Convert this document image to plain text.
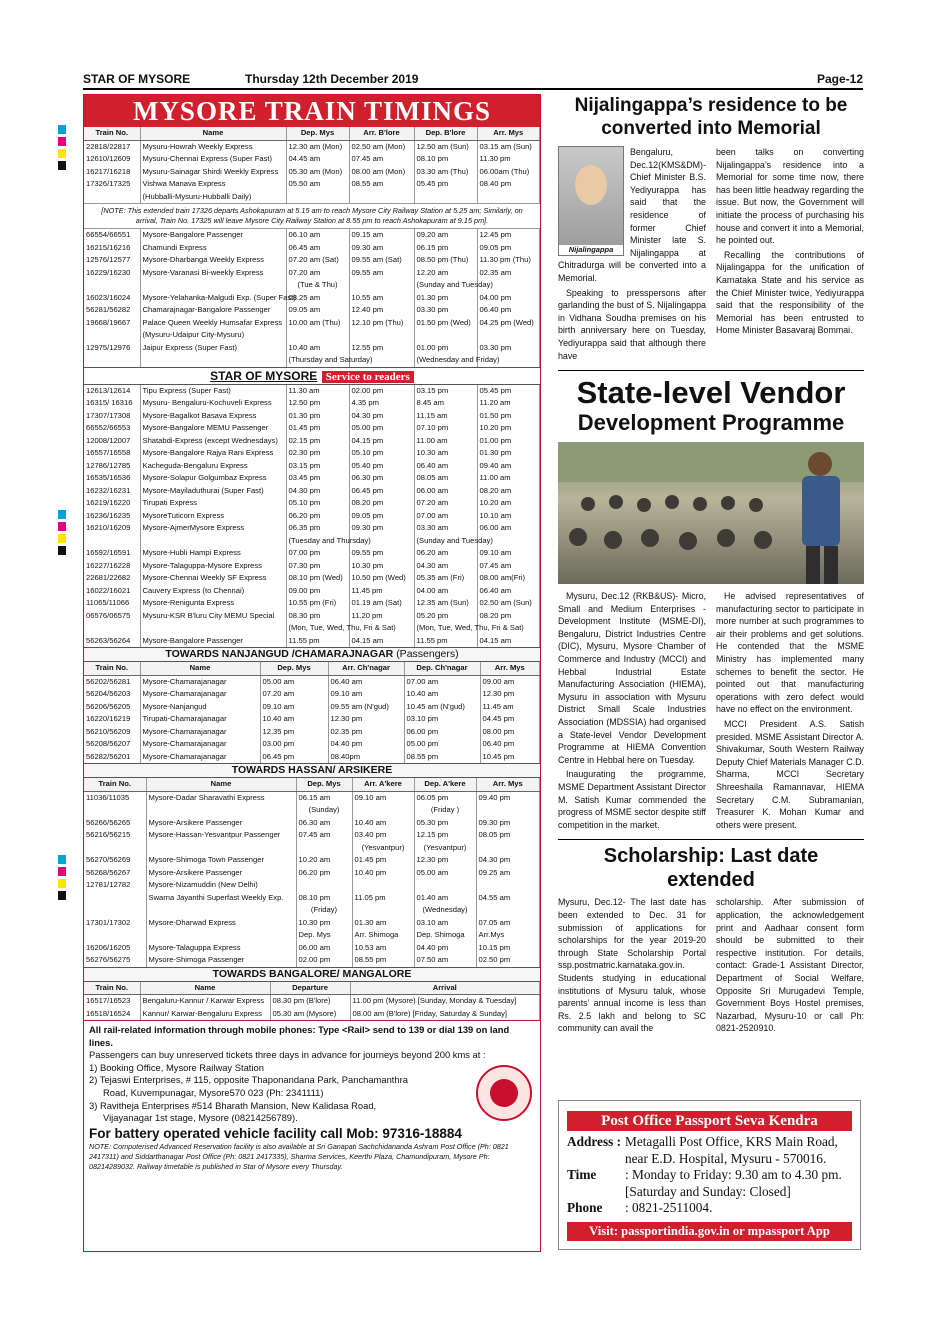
STAR OF MYSORE	Thursday 12th December 2019	Page-12
MYSORE TRAIN TIMINGS
Train No.	Name	Dep. Mys	Arr. B'lore	Dep. B'lore	Arr. Mys
22818/22817	Mysuru-Howrah Weekly Express	12.30 am (Mon)	02.50 am (Mon)	12.50 am (Sun)	03.15 am (Sun)
12610/12609	Mysuru-Chennai Express (Super Fast)	04.45 am	07.45 am	08.10 pm	11.30 pm
16217/16218	Mysuru-Sainagar Shirdi Weekly Express	05.30 am (Mon)	08.00 am (Mon)	03.30 am (Thu)	06.00am (Thu)
17326/17325	Vishwa Manava Express	05.50 am	08.55 am	05.45 pm	08.40 pm
	(Hubballi-Mysuru-Hubballi Daily)				
[NOTE: This extended train 17326 departs Ashokapuram at 5.15 am to reach Mysore City Railway Station at 5.25 am; Similarly, on arrival, Train No. 17325 will leave Mysore City Railway Station at 8.55 pm to reach Ashokapuram at 9.15 pm].
66554/66551	Mysore-Bangalore Passenger	06.10 am	09.15 am	09.20 am	12.45 pm
16215/16216	Chamundi Express	06.45 am	09.30 am	06.15 pm	09.05 pm
12576/12577	Mysore-Dharbanga Weekly Express	07.20 am (Sat)	09.55 am (Sat)	08.50 pm (Thu)	11.30 pm (Thu)
16229/16230	Mysore-Varanasi Bi-weekly Express	07.20 am	09.55 am	12.20 am	02.35 am
		(Tue & Thu)		(Sunday and Tuesday)	
16023/16024	Mysore-Yelahanka-Malgudi Exp. (Super Fast)	08.25 am	10.55 am	01.30 pm	04.00 pm
56281/56282	Chamarajnagar-Bangalore Passenger	09.05 am	12.40 pm	03.30 pm	06.40 pm
19668/19667	Palace Queen Weekly Humsafar Express	10.00 am (Thu)	12.10 pm (Thu)	01.50 pm (Wed)	04.25 pm (Wed)
	(Mysuru-Udaipur City-Mysuru)				
12975/12976	Jaipur Express (Super Fast)	10.40 am	12.55 pm	01.00 pm	03.30 pm
		(Thursday and Saturday)		(Wednesday and Friday)	
STAR OF MYSORE Service to readers
12613/12614	Tipu Express (Super Fast)	11.30 am	02.00 pm	03.15 pm	05.45 pm
16315/ 16316	Mysuru- Bengaluru-Kochuveli Express	12.50 pm	4.35 pm	8.45 am	11.20 am
17307/17308	Mysore-Bagalkot Basava Express	01.30 pm	04.30 pm	11.15 am	01.50 pm
66552/66553	Mysore-Bangalore MEMU Passenger	01.45 pm	05.00 pm	07.10 pm	10.20 pm
12008/12007	Shatabdi-Express (except Wednesdays)	02.15 pm	04.15 pm	11.00 am	01.00 pm
16557/16558	Mysore-Bangalore Rajya Rani Express	02.30 pm	05.10 pm	10.30 am	01.30 pm
12786/12785	Kacheguda-Bengaluru Express	03.15 pm	05.40 pm	06.40 am	09.40 am
16535/16536	Mysore-Solapur Golgumbaz Express	03.45 pm	06.30 pm	08.05 am	11.00 am
16232/16231	Mysore-Mayiladuthurai (Super Fast)	04.30 pm	06.45 pm	06.00 am	08.20 am
16219/16220	Tirupati Express	05.10 pm	08.20 pm	07.20 am	10.20 am
16236/16235	MysoreTuticorn Express	06.20 pm	09.05 pm	07.00 am	10.10 am
16210/16209	Mysore-AjmerMysore Express	06.35 pm	09.30 pm	03.30 am	06.00 am
		(Tuesday and Thursday)		(Sunday and Tuesday)	
16592/16591	Mysore-Hubli Hampi Express	07.00 pm	09.55 pm	06.20 am	09.10 am
16227/16228	Mysore-Talaguppa-Mysore Express	07.30 pm	10.30 pm	04.30 am	07.45 am
22681/22682	Mysore-Chennai Weekly SF Express	08.10 pm (Wed)	10.50 pm (Wed)	05.35 am (Fri)	08.00 am(Fri)
16022/16021	Cauvery Express (to Chennai)	09.00 pm	11.45 pm	04.00 am	06.40 am
11065/11066	Mysore-Renigunta Express	10.55 pm (Fri)	01.19 am (Sat)	12.35 am (Sun)	02.50 am (Sun)
06576/06575	Mysuru-KSR B'luru City MEMU Special	08.30 pm	11.20 pm	05.20 pm	08.20 pm
		(Mon, Tue, Wed, Thu, Fri & Sat)		(Mon, Tue, Wed, Thu, Fri & Sat)	
56263/56264	Mysore-Bangalore Passenger	11.55 pm	04.15 am	11.55 pm	04.15 am
TOWARDS NANJANGUD /CHAMARAJNAGAR (Passengers)
Train No.	Name	Dep. Mys	Arr. Ch'nagar	Dep. Ch'nagar	Arr. Mys
56202/56281	Mysore-Chamarajanagar	05.00 am	06.40 am	07.00 am	09.00 am
56204/56203	Mysore-Chamarajanagar	07.20 am	09.10 am	10.40 am	12.30 pm
56206/56205	Mysore-Nanjangud	09.10 am	09.55 am (N'gud)	10.45 am (N'gud)	11.45 am
16220/16219	Tirupati-Chamarajanagar	10.40 am	12.30 pm	03.10 pm	04.45 pm
56210/56209	Mysore-Chamarajanagar	12.35 pm	02.35 pm	06.00 pm	08.00 pm
56208/56207	Mysore-Chamarajanagar	03.00 pm	04.40 pm	05.00 pm	06.40 pm
56282/56201	Mysore-Chamarajanagar	06.45 pm	08.40pm	08.55 pm	10.45 pm
TOWARDS HASSAN/ ARSIKERE
Train No.	Name	Dep. Mys	Arr. A'kere	Dep. A'kere	Arr. Mys
11036/11035	Mysore-Dadar Sharavathi Express	06.15 am	09.10 am	06.05 pm	09.40 pm
		(Sunday)		(Friday )	
56266/56265	Mysore-Arsikere Passenger	06.30 am	10.40 am	05.30 pm	09.30 pm
56216/56215	Mysore-Hassan-Yesvantpur Passenger	07.45 am	03.40 pm	12.15 pm	08.05 pm
			(Yesvantpur)	(Yesvantpur)	
56270/56269	Mysore-Shimoga Town Passenger	10.20 am	01.45 pm	12.30 pm	04.30 pm
56268/56267	Mysore-Arsikere Passenger	06.20 pm	10.40 pm	05.00 am	09.25 am
12781/12782	Mysore-Nizamuddin (New Delhi)				
	Swarna Jayanthi Superfast Weekly Exp.	08.10 pm	11.05 pm	01.40 am	04.55 am
		(Friday)		(Wednesday)	
17301/17302	Mysore-Dharwad Express	10.30 pm	01.30 am	03.10 am	07.05 am
		Dep. Mys	Arr. Shimoga	Dep. Shimoga	Arr.Mys
16206/16205	Mysore-Talaguppa Express	06.00 am	10.53 am	04.40 pm	10.15 pm
56276/56275	Mysore-Shimoga Passenger	02.00 pm	08.55 pm	07.50 am	02.50 pm
TOWARDS BANGALORE/ MANGALORE
Train No.	Name	Departure	Arrival
16517/16523	Bengaluru-Kannur / Karwar Express	08.30 pm (B'lore)	11.00 pm (Mysore) [Sunday, Monday & Tuesday]
16518/16524	Kannur/ Karwar-Bengaluru Express	05.30 am (Mysore)	08.00 am (B'lore) [Friday, Saturday & Sunday]
All rail-related information through mobile phones: Type <Rail> send to 139 or dial 139 on land lines.
Passengers can buy unreserved tickets three days in advance for journeys beyond 200 kms at :
1) Booking Office, Mysore Railway Station
2) Tejaswi Enterprises, # 115, opposite Thaponandana Park, Panchamanthra
Road, Kuvempunagar, Mysore570 023 (Ph: 2341111)
3) Ravitheja Enterprises #514 Bharath Mansion, New Kalidasa Road,
Vijayanagar 1st stage, Mysore (08214256789).
For battery operated vehicle facility call Mob: 97316-18884
NOTE: Computerised Advanced Reservation facility is also available at Sri Ganapati Sachchidananda Ashram Post Office (Ph: 0821 2417311) and Siddarthanagar Post Office (Ph: 0821 2417335), Sharma Services, Keerthi Plaza, Chamundipuram, Mysore Ph: 08214289032. Railway timetable is published in Star of Mysore every Thursday.
Nijalingappa’s residence to be converted into Memorial
Nijalingappa

Bengaluru, Dec.12(KMS&DM)- Chief Minister B.S. Yediyurappa has said that the residence of former Chief Minister late S. Nijalingappa at Chitradurga will be converted into a Memorial.

Speaking to presspersons after garlanding the bust of S. Nijalingappa in Vidhana Soudha premises on his birth anniversary here on Tuesday, Yediyurappa said that although there have

been talks on converting Nijalingappa’s residence into a Memorial for some time now, there has been little headway regarding the issue. But now, the Government will initiate the process of purchasing his house and convert it into a Memorial, he pointed out.

Recalling the contributions of Nijalingappa for the unification of Karnataka State and his service as the Chief Minister twice, Yediyurappa said that the responsibility of the Memorial has been entrusted to Home Minister Basavaraj Bommai.

State-level Vendor
Development Programme

Mysuru, Dec.12 (RKB&US)- Micro, Small and Medium Enterprises - Development Institute (MSME-DI), Bengaluru, District Industries Centre (DIC), Mysuru, Mysore Chamber of Commerce and Industry (MCCI) and Hebbal Industrial Estate Manufacturing Association (HIEMA), Mysuru in association with Mysuru District Small Scale Industries Association (MDSSIA) had organised a State-level Vendor Development Programme at HIEMA Convention Centre in Hebbal here on Tuesday.

Inaugurating the programme, MSME Department Assistant Director M. Satish Kumar commended the progress of MSME sector despite stiff competition in the market.

He advised representatives of manufacturing sector to participate in more number at such programmes to air their problems and get solutions. He contended that the MSME Ministry has implemented many schemes to benefit the sector. He pointed out that manufacturing operations with zero defect would have no effect on the environment.

MCCI President A.S. Satish presided. MSME Assistant Director A. Shivakumar, South Western Railway Deputy Chief Materials Manager C.D. Sharma, MCCI Secretary Shreeshaila Ramannavar, HIEMA Secretary C.M. Subramanian, Treasurer K. Mohan Kumar and others were present.

Scholarship: Last date extended
Mysuru, Dec.12- The last date has been extended to Dec. 31 for submission of applications for scholarships for the year 2019-20 through State Scholarship Portal ssp.postmatric.karnataka.gov.in. Students studying in educational institutions of Mysuru taluk, whose parents’ annual income is less than Rs. 2.5 lakh and belong to SC community can avail the
scholarship. After submission of application, the acknowledgement print and Aadhaar consent form should be submitted to their respective institution. For details, contact: Grade-1 Assistant Director, Department of Social Welfare, Opposite Sri Murugadevi Temple, Government Boys Hostel premises, Nazarbad, Mysuru-10 or call Ph: 0821-2520910.
Post Office Passport Seva Kendra
Address : Metagalli Post Office, KRS Main Road,
near E.D. Hospital, Mysuru - 570016.
Time	: Monday to Friday: 9.30 am to 4.30 pm.
[Saturday and Sunday: Closed]
Phone	: 0821-2511004.
Visit: passportindia.gov.in or mpassport App
